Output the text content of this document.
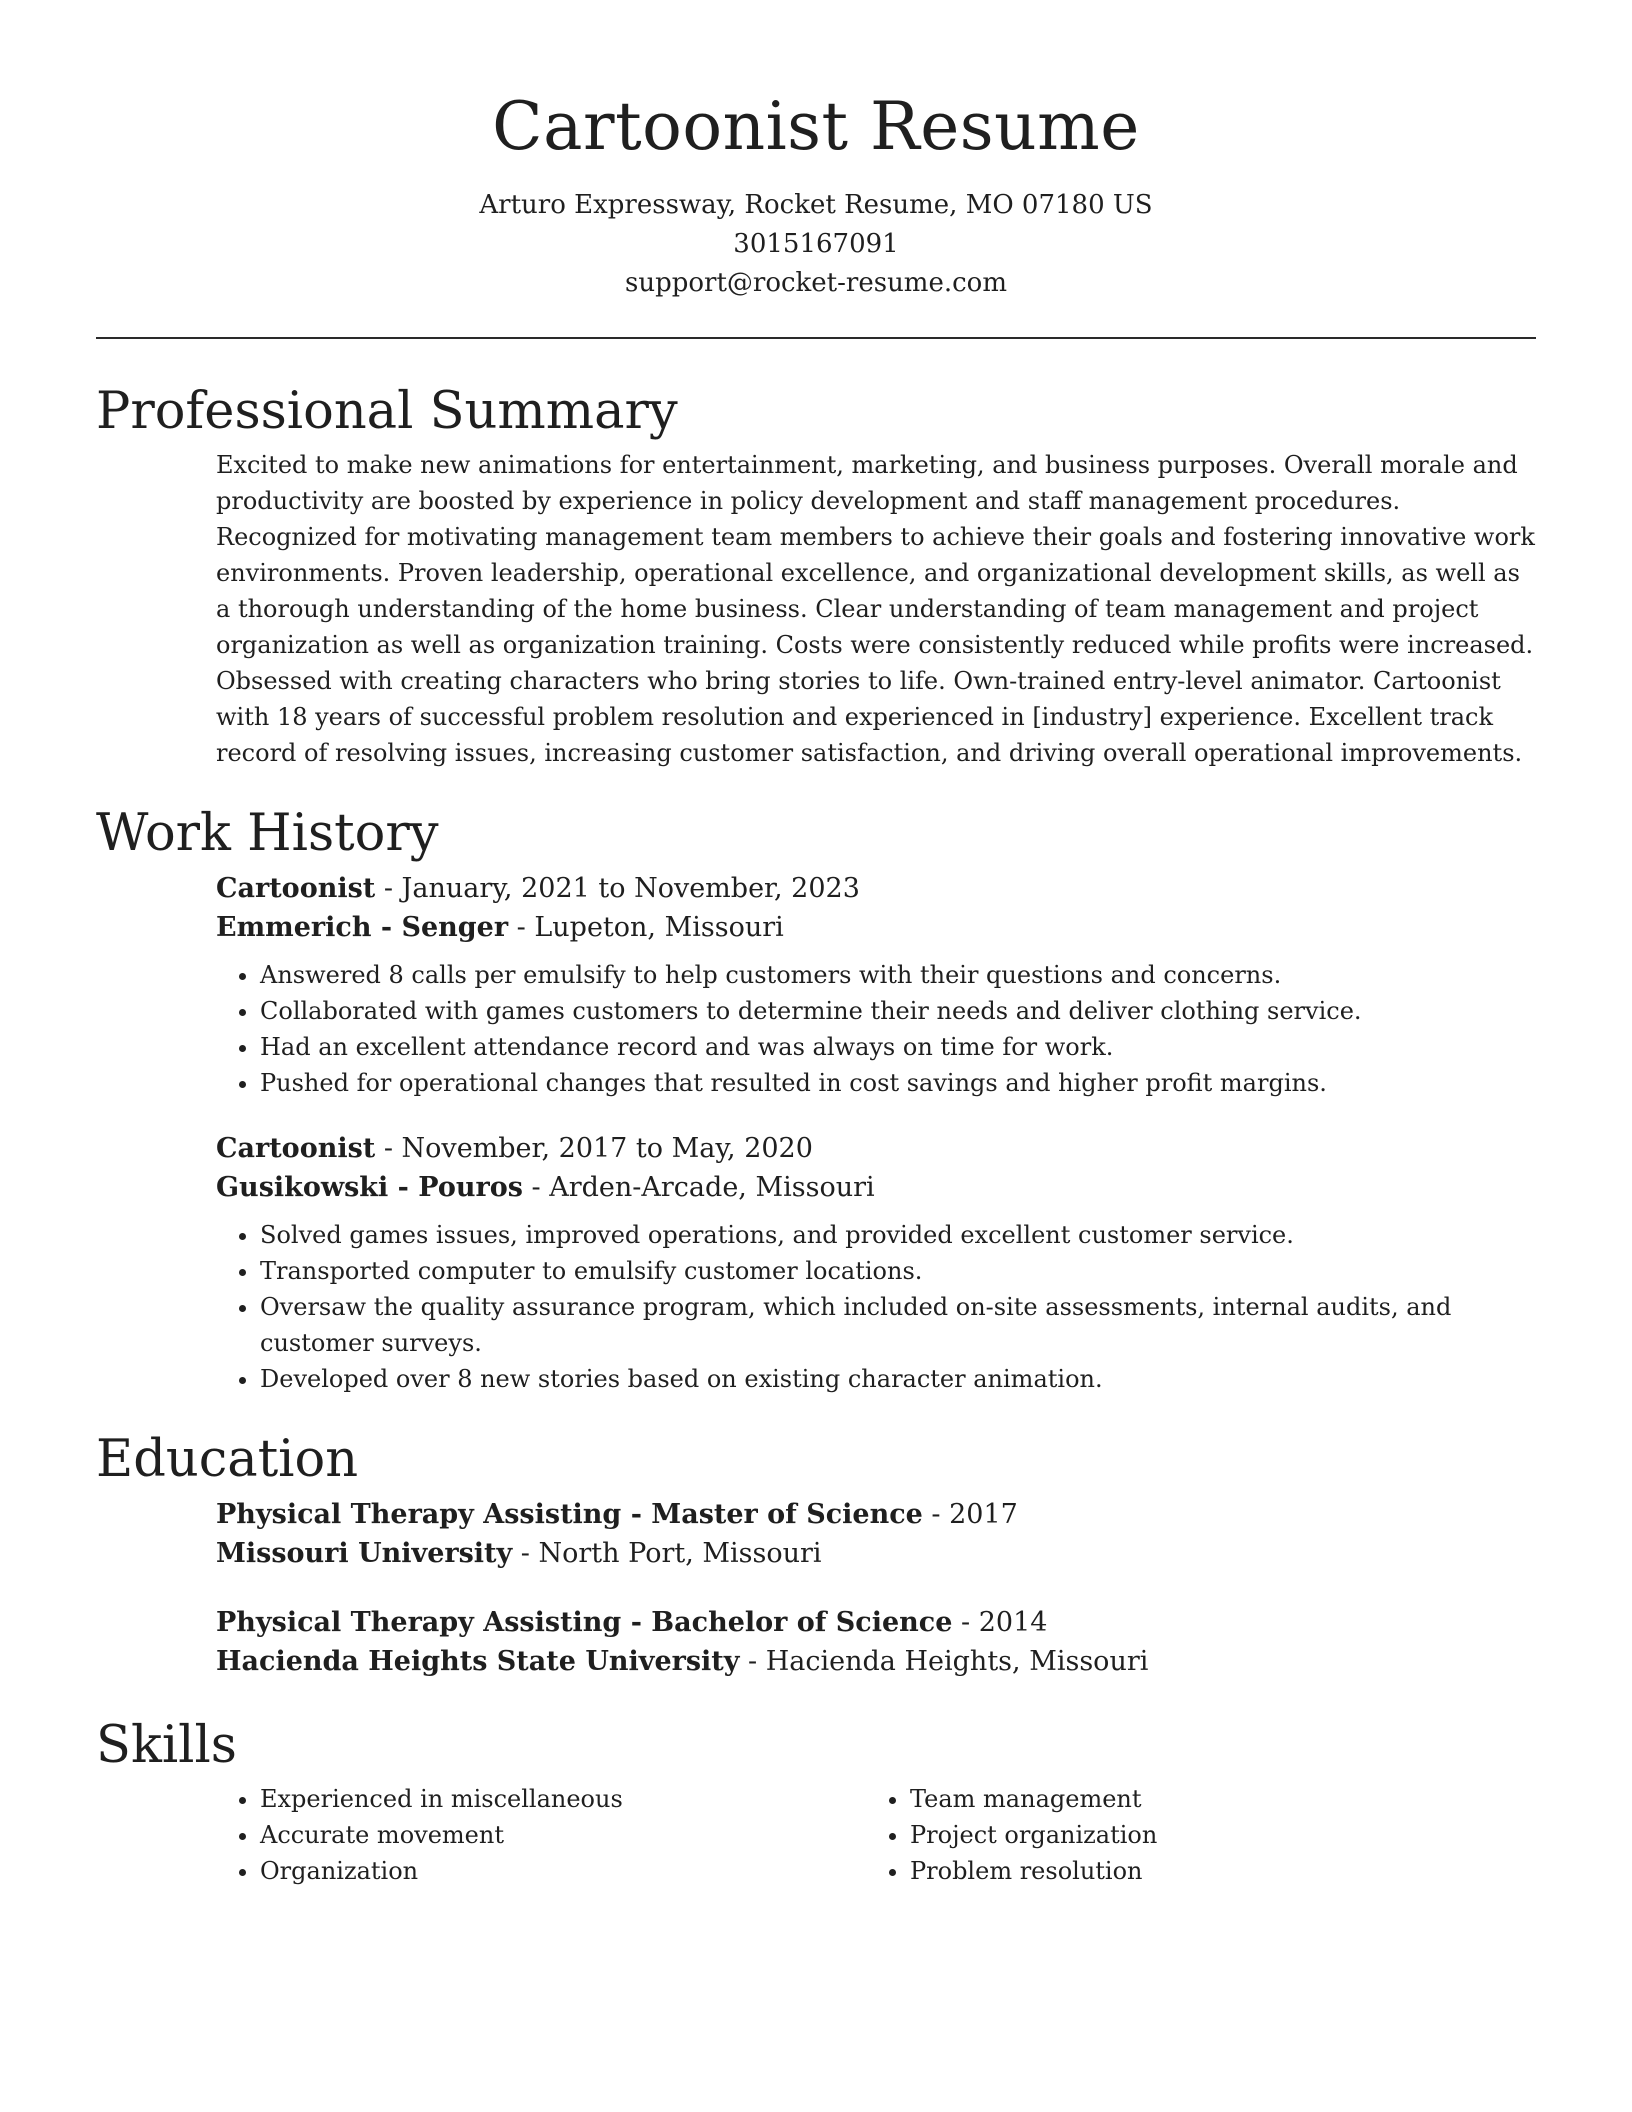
Cartoonist Resume

Arturo Expressway, Rocket Resume, MO 07180 US

3015167091

support@rocket-resume.com

Professional Summary

Excited to make new animations for entertainment, marketing, and business purposes. Overall morale and productivity are boosted by experience in policy development and staff management procedures. Recognized for motivating management team members to achieve their goals and fostering innovative work environments. Proven leadership, operational excellence, and organizational development skills, as well as a thorough understanding of the home business. Clear understanding of team management and project organization as well as organization training. Costs were consistently reduced while profits were increased. Obsessed with creating characters who bring stories to life. Own-trained entry-level animator. Cartoonist with 18 years of successful problem resolution and experienced in [industry] experience. Excellent track record of resolving issues, increasing customer satisfaction, and driving overall operational improvements.

Work History

Cartoonist - January, 2021 to November, 2023

Emmerich - Senger - Lupeton, Missouri

• Answered 8 calls per emulsify to help customers with their questions and concerns.
• Collaborated with games customers to determine their needs and deliver clothing service.
• Had an excellent attendance record and was always on time for work.
• Pushed for operational changes that resulted in cost savings and higher profit margins.

Cartoonist - November, 2017 to May, 2020

Gusikowski - Pouros - Arden-Arcade, Missouri

• Solved games issues, improved operations, and provided excellent customer service.
• Transported computer to emulsify customer locations.
• Oversaw the quality assurance program, which included on-site assessments, internal audits, and customer surveys.
• Developed over 8 new stories based on existing character animation.
Education

Physical Therapy Assisting - Master of Science - 2017

Missouri University - North Port, Missouri

Physical Therapy Assisting - Bachelor of Science - 2014

Hacienda Heights State University - Hacienda Heights, Missouri

Skills
• Experienced in miscellaneous
• Accurate movement
• Organization
• Team management
• Project organization
• Problem resolution
